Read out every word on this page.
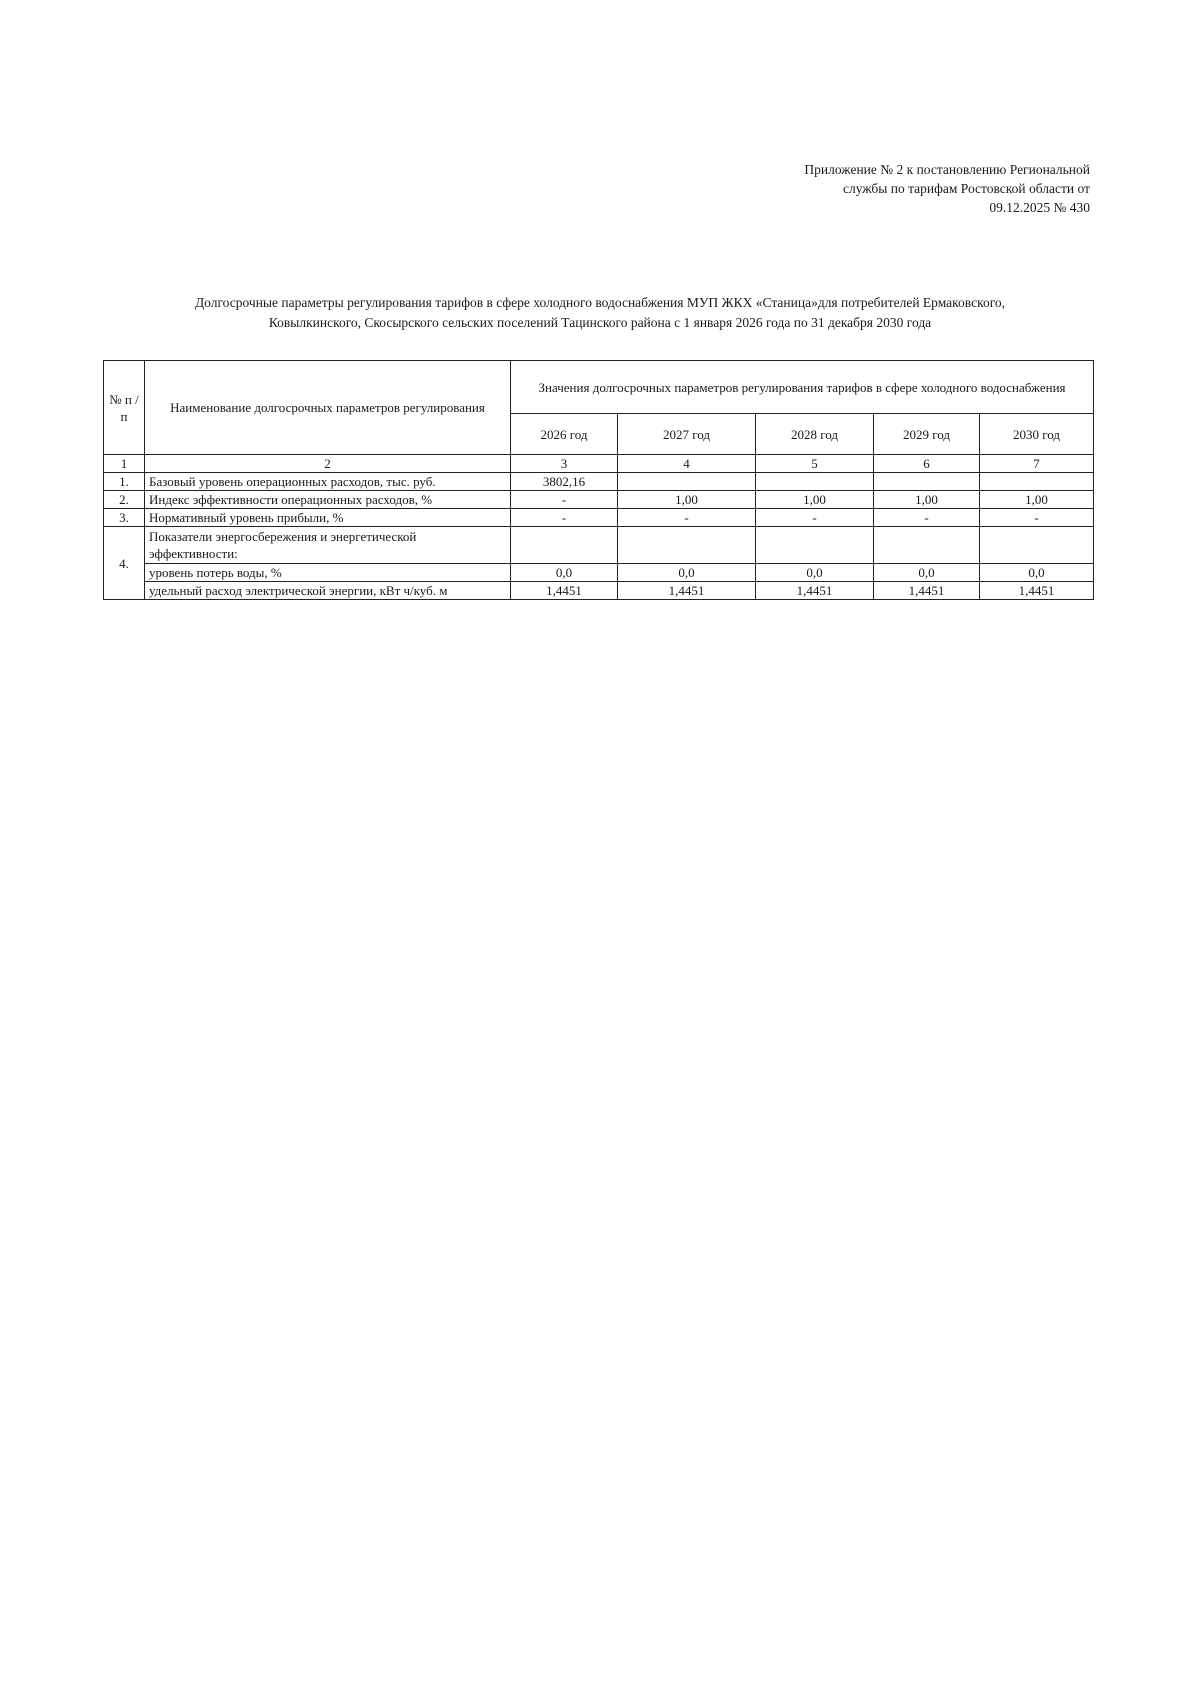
Приложение № 2 к постановлению Региональной
службы по тарифам Ростовской области от
09.12.2025 № 430
Долгосрочные параметры регулирования тарифов в сфере холодного водоснабжения МУП ЖКХ «Станица»для потребителей Ермаковского,
Ковылкинского, Скосырского сельских поселений Тацинского района с 1 января 2026 года по 31 декабря 2030 года
№ п /п	Наименование долгосрочных параметров регулирования	Значения долгосрочных параметров регулирования тарифов в сфере холодного водоснабжения				
		2026 год	2027 год	2028 год	2029 год	2030 год
1	2	3	4	5	6	7
1.	Базовый уровень операционных расходов, тыс. руб.	3802,16				
2.	Индекс эффективности операционных расходов, %	-	1,00	1,00	1,00	1,00
3.	Нормативный уровень прибыли, %	-	-	-	-	-
4.	Показатели энергосбережения и энергетической эффективности:					
	уровень потерь воды, %	0,0	0,0	0,0	0,0	0,0
	удельный расход электрической энергии, кВт ч/куб. м	1,4451	1,4451	1,4451	1,4451	1,4451
